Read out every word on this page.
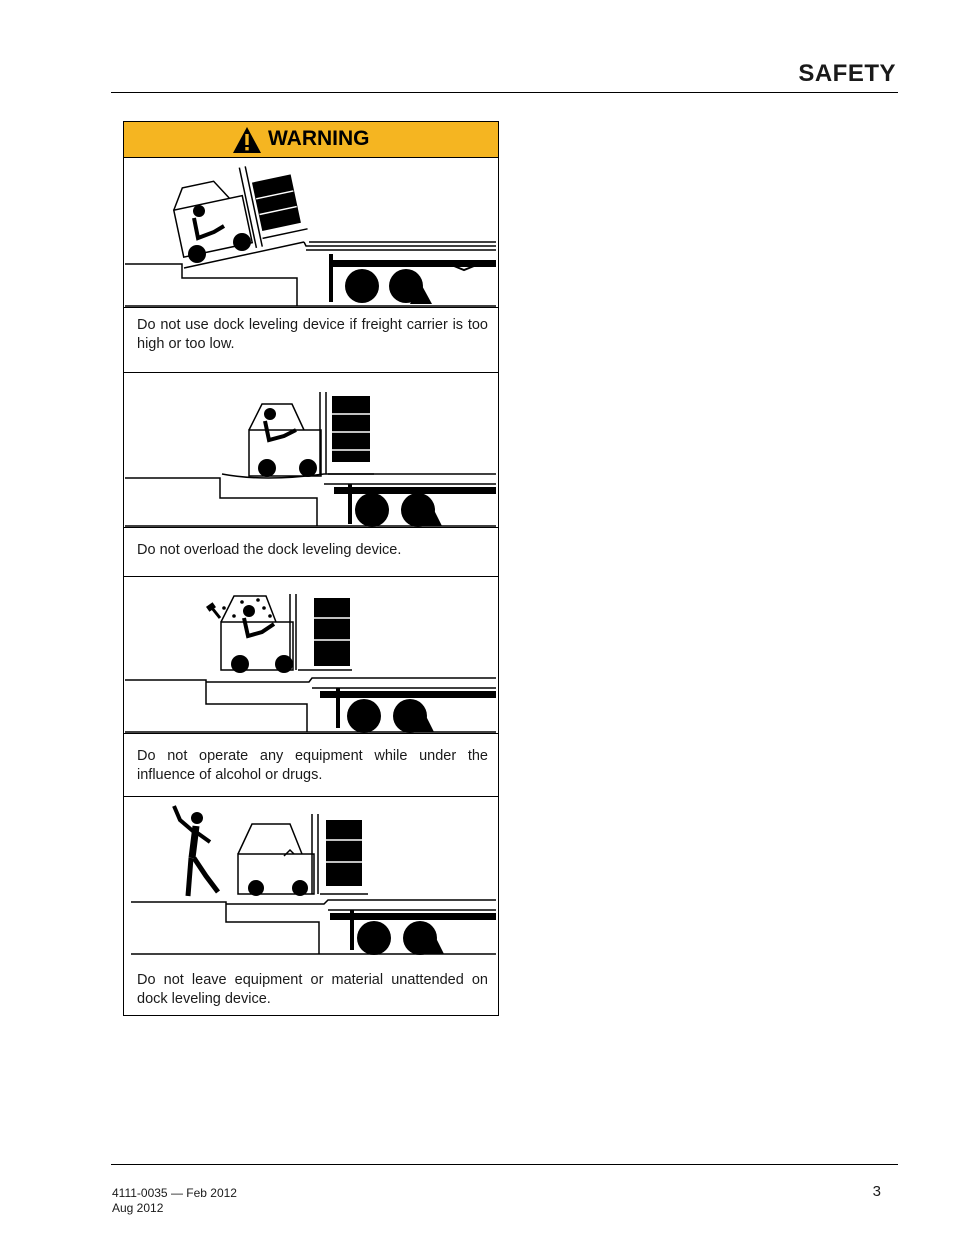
SAFETY
WARNING

Do not use dock leveling device if freight carrier is too high or too low.

Do not overload the dock leveling device.

Do not operate any equipment while under the influence of alcohol or drugs.

Do not leave equipment or material unattended on dock leveling device.

4111-0035 — Feb 2012
Aug 2012
3
